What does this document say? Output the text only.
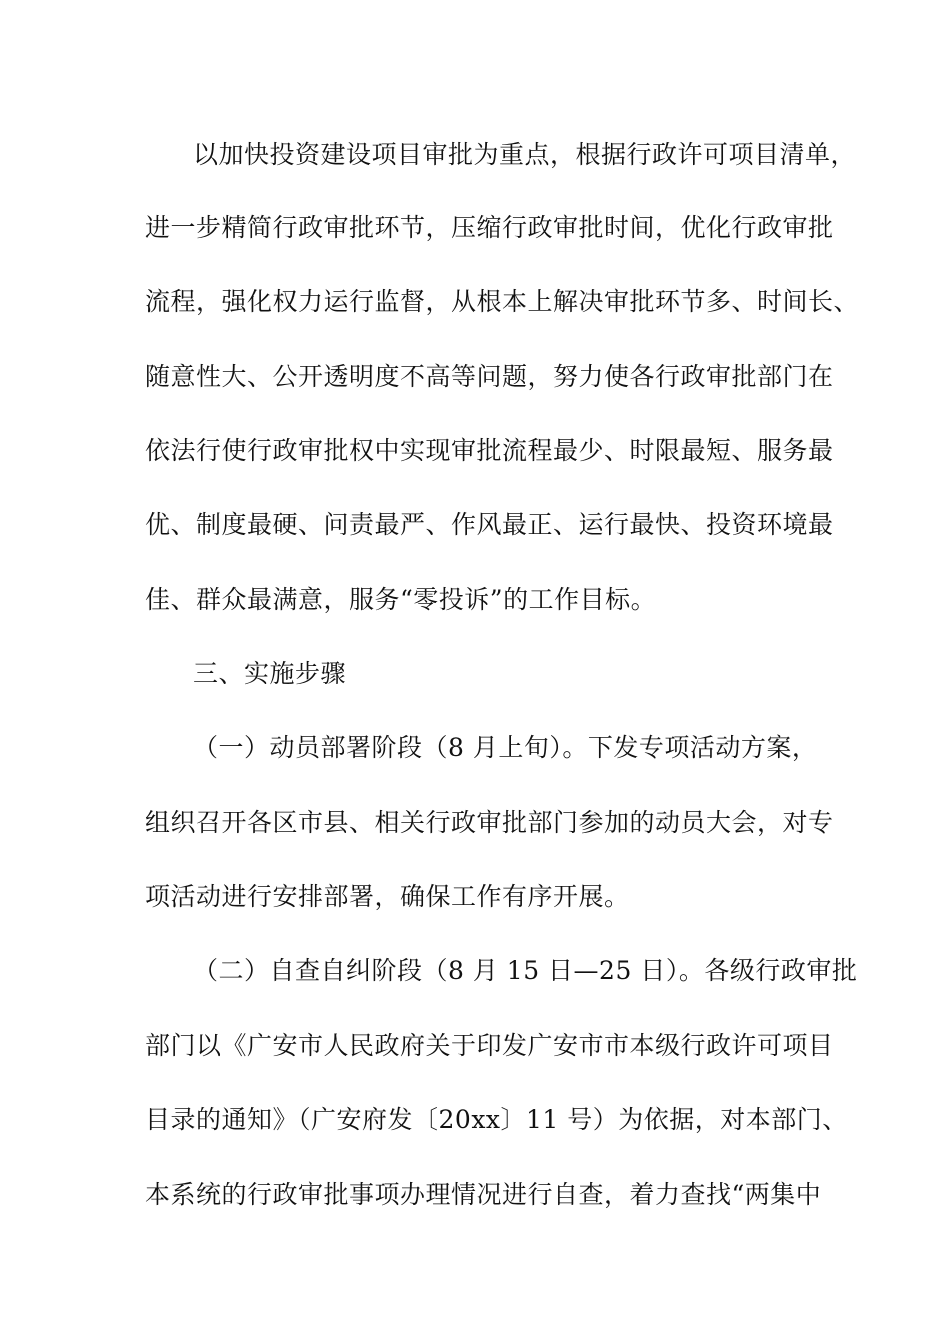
以加快投资建设项目审批为重点，根据行政许可项目清单，
进一步精简行政审批环节，压缩行政审批时间，优化行政审批
流程，强化权力运行监督，从根本上解决审批环节多、时间长、
随意性大、公开透明度不高等问题，努力使各行政审批部门在
依法行使行政审批权中实现审批流程最少、时限最短、服务最
优、制度最硬、问责最严、作风最正、运行最快、投资环境最
佳、群众最满意，服务“零投诉”的工作目标。
三、实施步骤
（一）动员部署阶段（8 月上旬）。下发专项活动方案，
组织召开各区市县、相关行政审批部门参加的动员大会，对专
项活动进行安排部署，确保工作有序开展。
（二）自查自纠阶段（8 月 15 日—25 日）。各级行政审批
部门以《广安市人民政府关于印发广安市市本级行政许可项目
目录的通知》（广安府发〔20xx〕11 号）为依据，对本部门、
本系统的行政审批事项办理情况进行自查，着力查找“两集中
